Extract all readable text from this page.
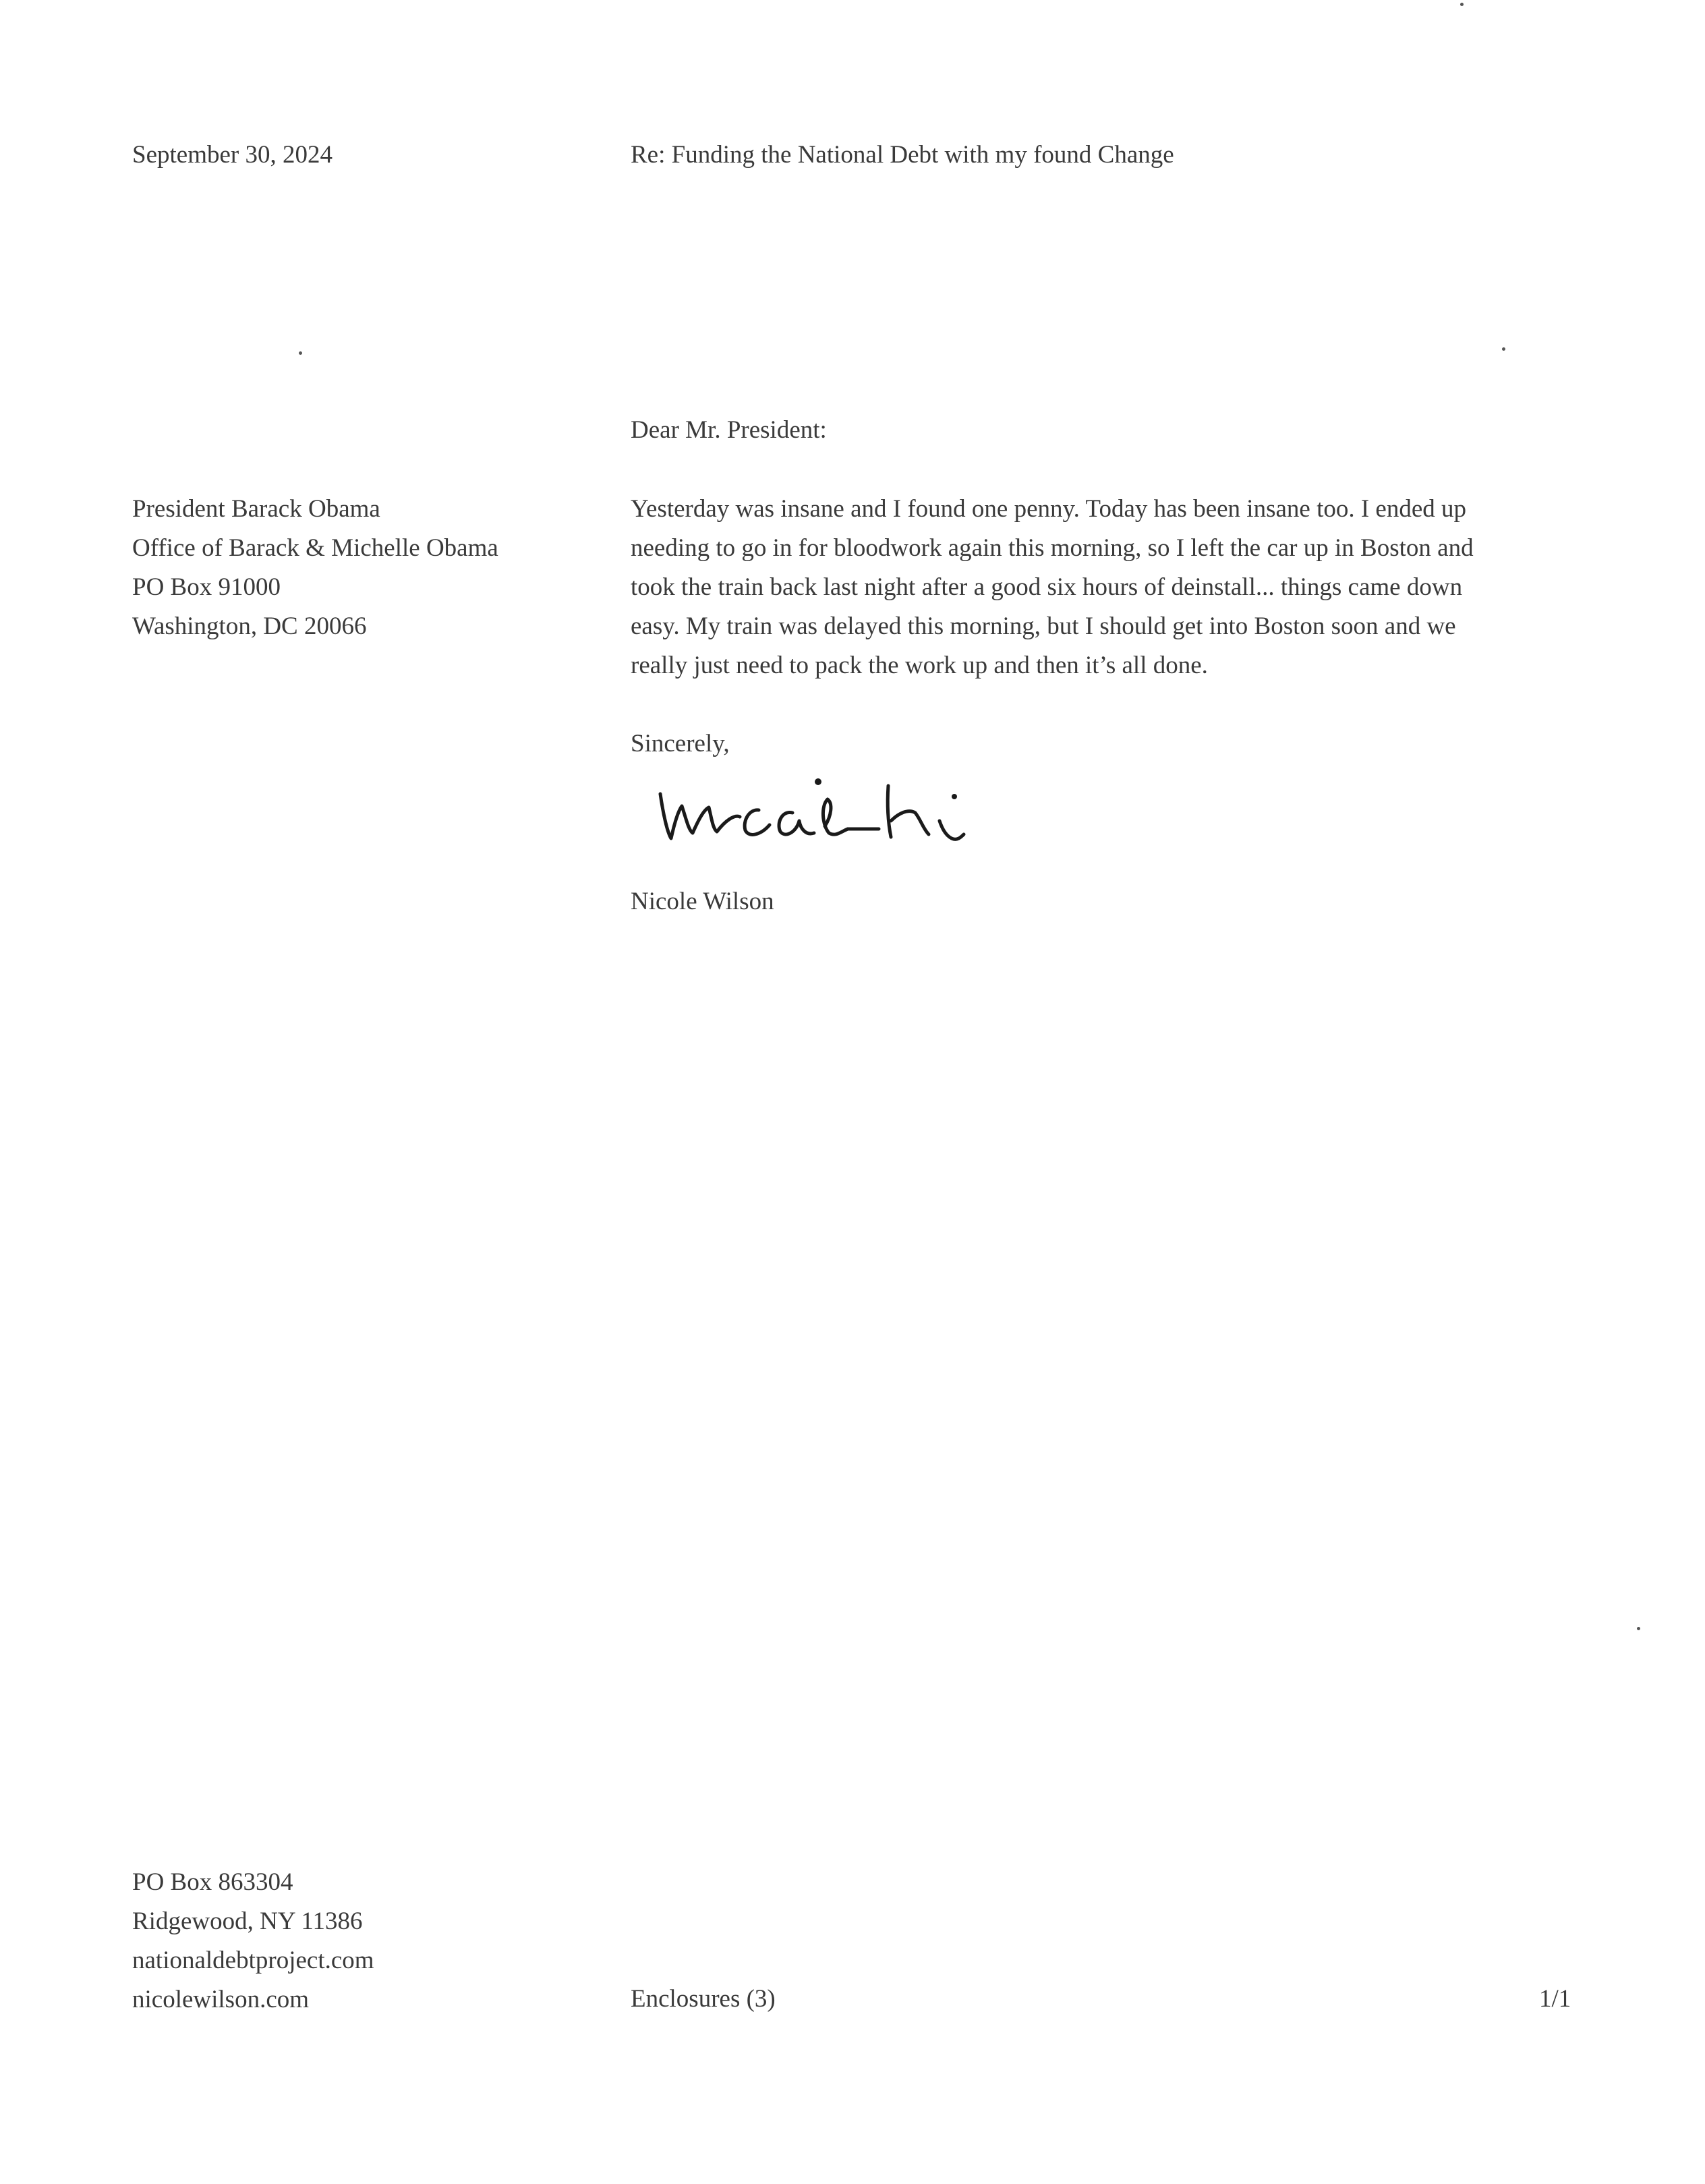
September 30, 2024	Re: Funding the National Debt with my found Change

Dear Mr. President:

President Barack Obama
Office of Barack & Michelle Obama
PO Box 91000
Washington, DC 20066
Yesterday was insane and I found one penny. Today has been insane too. I ended up
needing to go in for bloodwork again this morning, so I left the car up in Boston and
took the train back last night after a good six hours of deinstall... things came down
easy. My train was delayed this morning, but I should get into Boston soon and we
really just need to pack the work up and then it’s all done.

Sincerely,

Nicole Wilson

PO Box 863304
Ridgewood, NY 11386
nationaldebtproject.com
nicolewilson.com	Enclosures (3)	1/1
